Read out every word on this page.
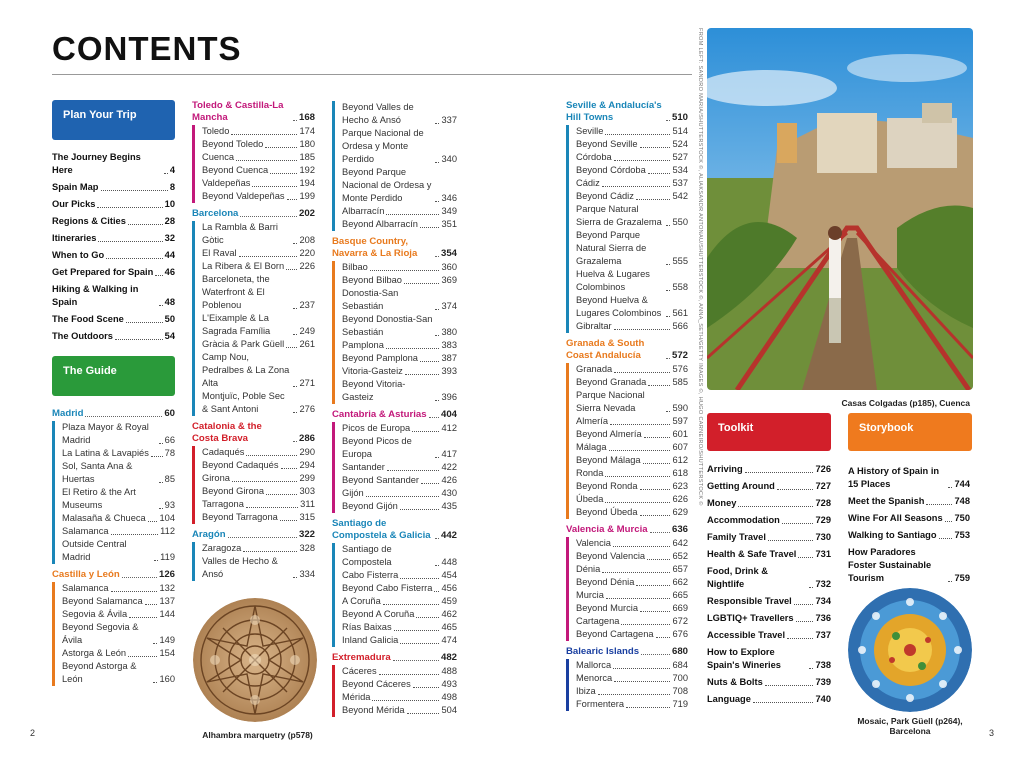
CONTENTS	FROM LEFT: SANDRO MARIA/SHUTTERSTOCK ©, ALIAKSANDR ANTONAU/SHUTTERSTOCK ©, ANNA_SETH/GETTY IMAGES ©, HUGO CARNEIRO/SHUTTERSTOCK ©
Plan Your Trip
The Journey Begins Here	4
Spain Map	8
Our Picks	10
Regions & Cities	28
Itineraries	32
When to Go	44
Get Prepared for Spain 46
Hiking & Walking in Spain	48
The Food Scene	50
The Outdoors	54
The Guide
Madrid	60
Plaza Mayor & Royal Madrid	66
La Latina & Lavapiés 78
Sol, Santa Ana & Huertas	85
El Retiro & the Art Museums	93
Malasaña & Chueca 104
Salamanca	112
Outside Central Madrid	119
Castilla y León	126
Salamanca	132
Beyond Salamanca 137
Segovia & Ávila	144
Beyond Segovia & Ávila	149
Astorga & León	154
Beyond Astorga & León	160
Toledo & Castilla-La Mancha	168
Toledo	174
Beyond Toledo	180
Cuenca	185
Beyond Cuenca	192
Valdepeñas	194
Beyond Valdepeñas 199
Barcelona	202
La Rambla & Barri Gòtic	208
El Raval	220
La Ribera & El Born 226
Barceloneta, the Waterfront & El Poblenou	237
L'Eixample & La Sagrada Família	249
Gràcia & Park Güell 261
Camp Nou, Pedralbes & La Zona Alta	271
Montjuïc, Poble Sec & Sant Antoni	276
Catalonia & the Costa Brava	286
Cadaqués	290
Beyond Cadaqués 294
Girona	299
Beyond Girona	303
Tarragona	311
Beyond Tarragona 315
Aragón	322
Zaragoza	328
Valles de Hecho & Ansó	334
Beyond Valles de Hecho & Ansó	337
Parque Nacional de Ordesa y Monte Perdido	340
Beyond Parque Nacional de Ordesa y Monte Perdido	346
Albarracín	349
Beyond Albarracín	351
Basque Country, Navarra & La Rioja	354
Bilbao	360
Beyond Bilbao	369
Donostia-San Sebastián	374
Beyond Donostia-San Sebastián	380
Pamplona	383
Beyond Pamplona	387
Vitoria-Gasteiz	393
Beyond Vitoria-Gasteiz	396
Cantabria & Asturias 404
Picos de Europa	412
Beyond Picos de Europa	417
Santander	422
Beyond Santander 426
Gijón	430
Beyond Gijón	435
Santiago de Compostela & Galicia 442
Santiago de Compostela	448
Cabo Fisterra	454
Beyond Cabo Fisterra 456
A Coruña	459
Beyond A Coruña	462
Rías Baixas	465
Inland Galicia	474
Extremadura	482
Cáceres	488
Beyond Cáceres	493
Mérida	498
Beyond Mérida	504
Seville & Andalucía's Hill Towns	510
Seville	514
Beyond Seville	524
Córdoba	527
Beyond Córdoba	534
Cádiz	537
Beyond Cádiz	542
Parque Natural Sierra de Grazalema 550
Beyond Parque Natural Sierra de Grazalema	555
Huelva & Lugares Colombinos	558
Beyond Huelva & Lugares Colombinos	561
Gibraltar	566
Granada & South Coast Andalucía	572
Granada	576
Beyond Granada	585
Parque Nacional Sierra Nevada	590
Almería	597
Beyond Almería	601
Málaga	607
Beyond Málaga	612
Ronda	618
Beyond Ronda	623
Úbeda	626
Beyond Úbeda	629
Valencia & Murcia	636
Valencia	642
Beyond Valencia	652
Dénia	657
Beyond Dénia	662
Murcia	665
Beyond Murcia	669
Cartagena	672
Beyond Cartagena 676
Balearic Islands	680
Mallorca	684
Menorca	700
Ibiza	708
Formentera	719
Alhambra marquetry (p578)
Casas Colgadas (p185), Cuenca
Toolkit
Arriving	726
Getting Around	727
Money	728
Accommodation	729
Family Travel	730
Health & Safe Travel 731
Food, Drink & Nightlife	732
Responsible Travel	734
LGBTIQ+ Travellers 736
Accessible Travel	737
How to Explore Spain's Wineries	738
Nuts & Bolts	739
Language	740
Storybook
A History of Spain in 15 Places	744
Meet the Spanish	748
Wine For All Seasons 750
Walking to Santiago 753
How Paradores Foster Sustainable Tourism	759
Mosaic, Park Güell (p264), Barcelona
2	3
